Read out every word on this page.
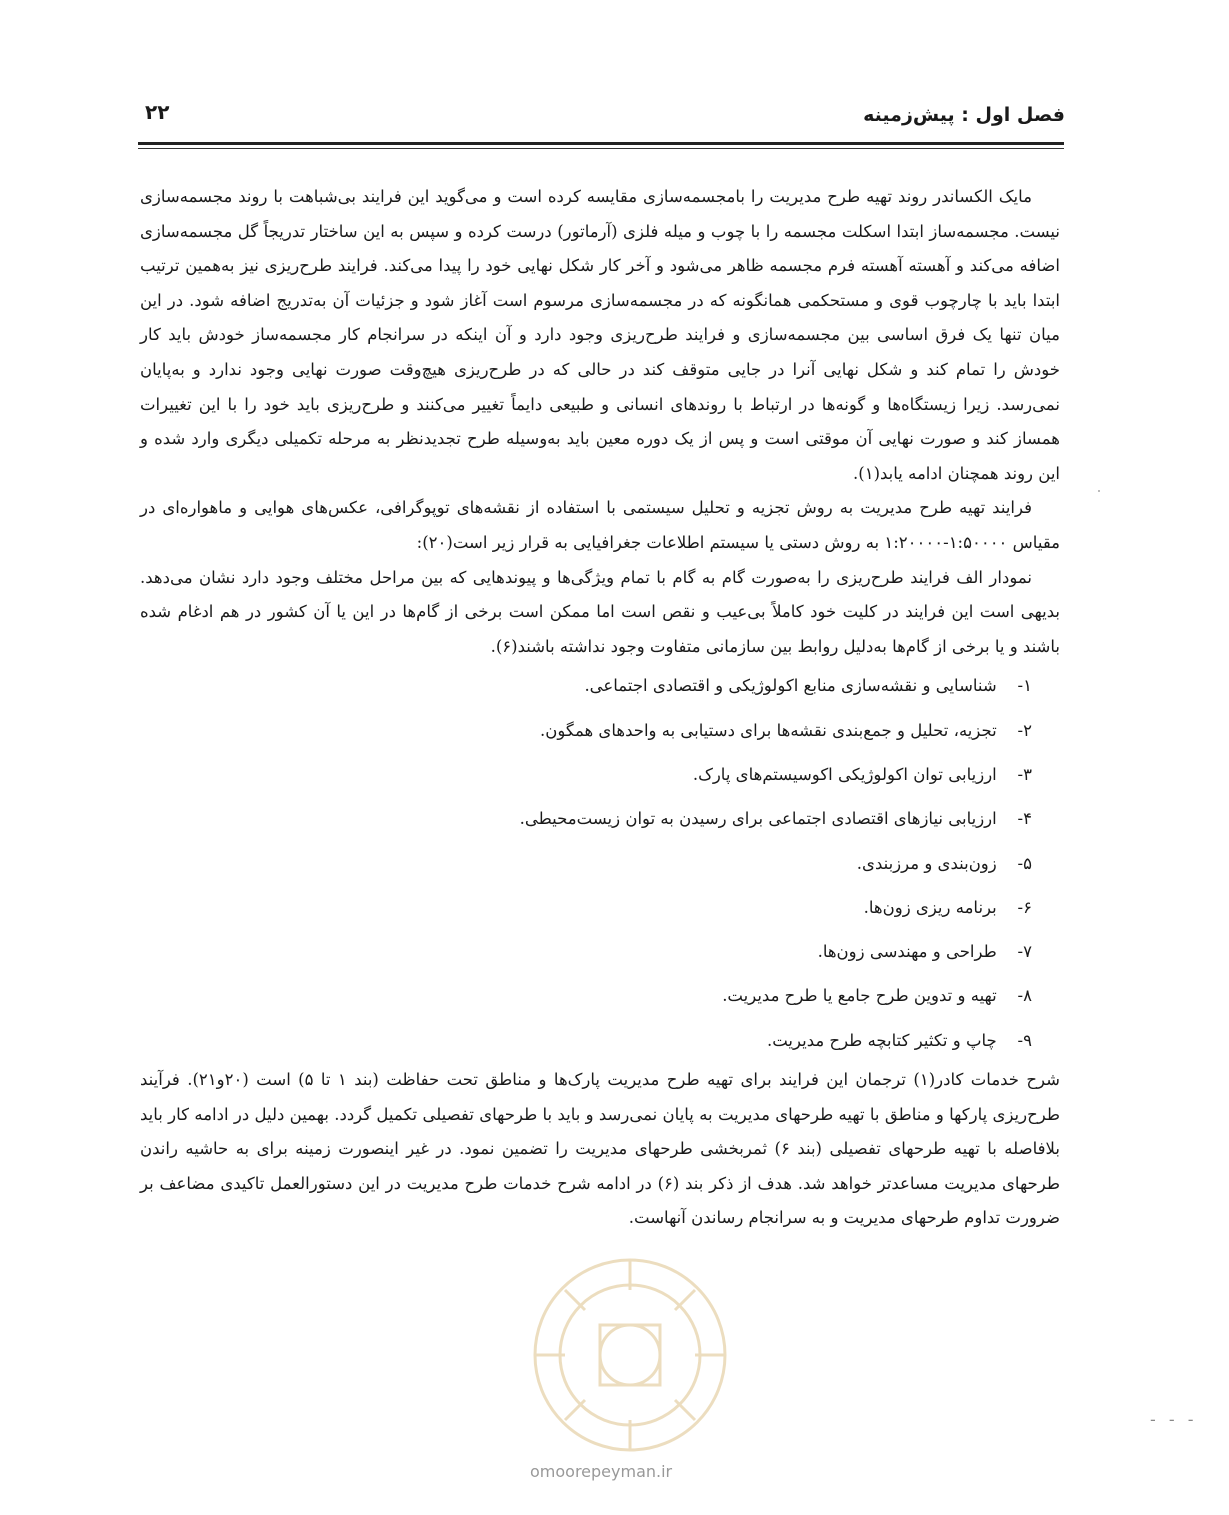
فصل اول : پیش‌زمینه
۲۲

مایک الکساندر روند تهیه طرح مدیریت را بامجسمه‌سازی مقایسه کرده است و می‌گوید این فرایند بی‌شباهت با روند مجسمه‌سازی نیست. مجسمه‌ساز ابتدا اسکلت مجسمه را با چوب و میله فلزی (آرماتور) درست کرده و سپس به این ساختار تدریجاً گل مجسمه‌سازی اضافه می‌کند و آهسته آهسته فرم مجسمه ظاهر می‌شود و آخر کار شکل نهایی خود را پیدا می‌کند. فرایند طرح‌ریزی نیز به‌همین ترتیب ابتدا باید با چارچوب قوی و مستحکمی همانگونه که در مجسمه‌سازی مرسوم است آغاز شود و جزئیات آن به‌تدریج اضافه شود. در این میان تنها یک فرق اساسی بین مجسمه‌سازی و فرایند طرح‌ریزی وجود دارد و آن اینکه در سرانجام کار مجسمه‌ساز خودش باید کار خودش را تمام کند و شکل نهایی آنرا در جایی متوقف کند در حالی که در طرح‌ریزی هیچ‌وقت صورت نهایی وجود ندارد و به‌پایان نمی‌رسد. زیرا زیستگاه‌ها و گونه‌ها در ارتباط با روندهای انسانی و طبیعی دایماً تغییر می‌کنند و طرح‌ریزی باید خود را با این تغییرات همساز کند و صورت نهایی آن موقتی است و پس از یک دوره معین باید به‌وسیله طرح تجدیدنظر به مرحله تکمیلی دیگری وارد شده و این روند همچنان ادامه یابد(۱).

فرایند تهیه طرح مدیریت به روش تجزیه و تحلیل سیستمی با استفاده از نقشه‌های توپوگرافی، عکس‌های هوایی و ماهواره‌ای در مقیاس ۱:۵۰۰۰۰-۱:۲۰۰۰۰ به روش دستی یا سیستم اطلاعات جغرافیایی به قرار زیر است(۲۰):

نمودار الف فرایند طرح‌ریزی را به‌صورت گام به گام با تمام ویژگی‌ها و پیوندهایی که بین مراحل مختلف وجود دارد نشان می‌دهد. بدیهی است این فرایند در کلیت خود کاملاً بی‌عیب و نقص است اما ممکن است برخی از گام‌ها در این یا آن کشور در هم ادغام شده باشند و یا برخی از گام‌ها به‌دلیل روابط بین سازمانی متفاوت وجود نداشته باشند(۶).

۱- شناسایی و نقشه‌سازی منابع اکولوژیکی و اقتصادی اجتماعی.
۲- تجزیه، تحلیل و جمع‌بندی نقشه‌ها برای دستیابی به واحدهای همگون.
۳- ارزیابی توان اکولوژیکی اکوسیستم‌های پارک.
۴- ارزیابی نیازهای اقتصادی اجتماعی برای رسیدن به توان زیست‌محیطی.
۵- زون‌بندی و مرزبندی.
۶- برنامه ریزی زون‌ها.
۷- طراحی و مهندسی زون‌ها.
۸- تهیه و تدوین طرح جامع یا طرح مدیریت.
۹- چاپ و تکثیر کتابچه طرح مدیریت.

شرح خدمات کادر(۱) ترجمان این فرایند برای تهیه طرح مدیریت پارک‌ها و مناطق تحت حفاظت (بند ۱ تا ۵) است (۲۰و۲۱). فرآیند طرح‌ریزی پارکها و مناطق با تهیه طرحهای مدیریت به پایان نمی‌رسد و باید با طرحهای تفصیلی تکمیل گردد. بهمین دلیل در ادامه کار باید بلافاصله با تهیه طرحهای تفصیلی (بند ۶) ثمربخشی طرحهای مدیریت را تضمین نمود. در غیر اینصورت زمینه برای به حاشیه راندن طرحهای مدیریت مساعدتر خواهد شد. هدف از ذکر بند (۶) در ادامه شرح خدمات طرح مدیریت در این دستورالعمل تاکیدی مضاعف بر ضرورت تداوم طرحهای مدیریت و به سرانجام رساندن آنهاست.

omoorepeyman.ir
- - -
